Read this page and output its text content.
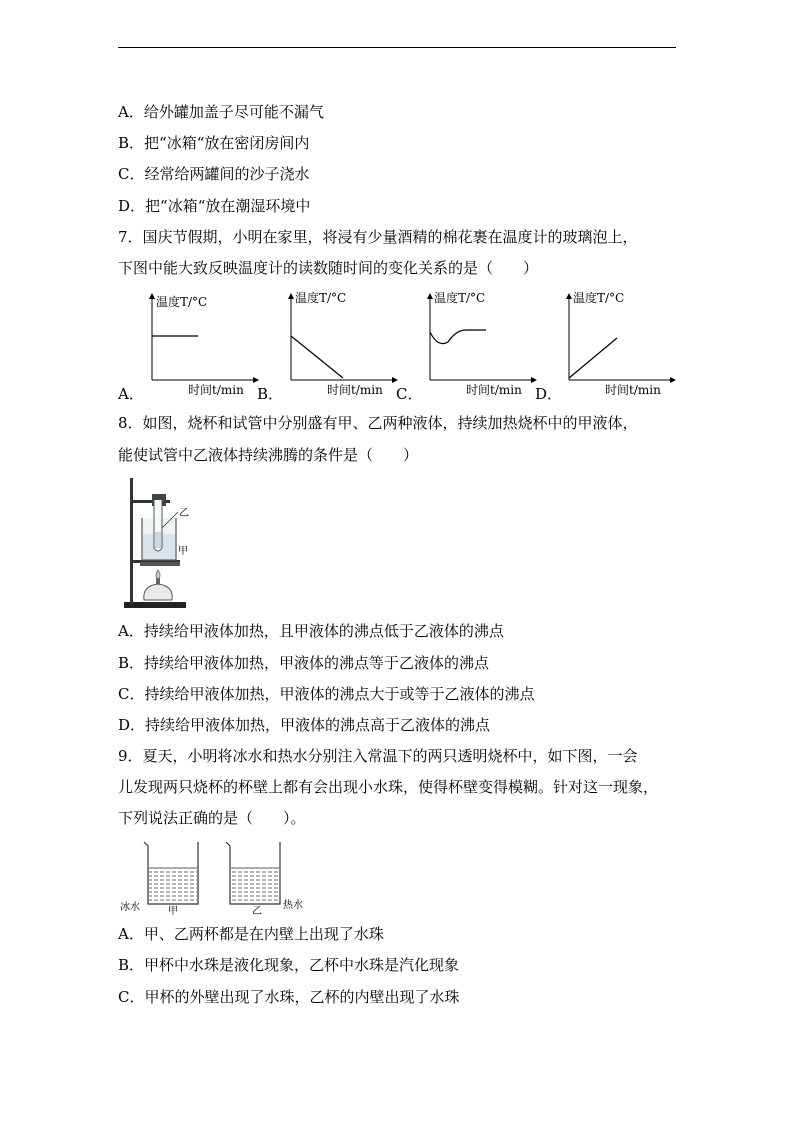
A．给外罐加盖子尽可能不漏气
B．把“冰箱“放在密闭房间内
C．经常给两罐间的沙子浇水
D．把“冰箱“放在潮湿环境中
7．国庆节假期，小明在家里，将浸有少量酒精的棉花裹在温度计的玻璃泡上，
下图中能大致反映温度计的读数随时间的变化关系的是（　　）
温度T/°C
时间t/min
A．
温度T/°C
时间t/min
B．
温度T/°C
时间t/min
C．
温度T/°C
时间t/min
D．
8．如图，烧杯和试管中分别盛有甲、乙两种液体，持续加热烧杯中的甲液体，
能使试管中乙液体持续沸腾的条件是（　　）
乙
甲
A．持续给甲液体加热，且甲液体的沸点低于乙液体的沸点
B．持续给甲液体加热，甲液体的沸点等于乙液体的沸点
C．持续给甲液体加热，甲液体的沸点大于或等于乙液体的沸点
D．持续给甲液体加热，甲液体的沸点高于乙液体的沸点
9．夏天，小明将冰水和热水分别注入常温下的两只透明烧杯中，如下图，一会
儿发现两只烧杯的杯壁上都有会出现小水珠，使得杯壁变得模糊。针对这一现象，
下列说法正确的是（　　）。
冰水	甲	乙
热水
A．甲、乙两杯都是在内壁上出现了水珠
B．甲杯中水珠是液化现象，乙杯中水珠是汽化现象
C．甲杯的外壁出现了水珠，乙杯的内壁出现了水珠
